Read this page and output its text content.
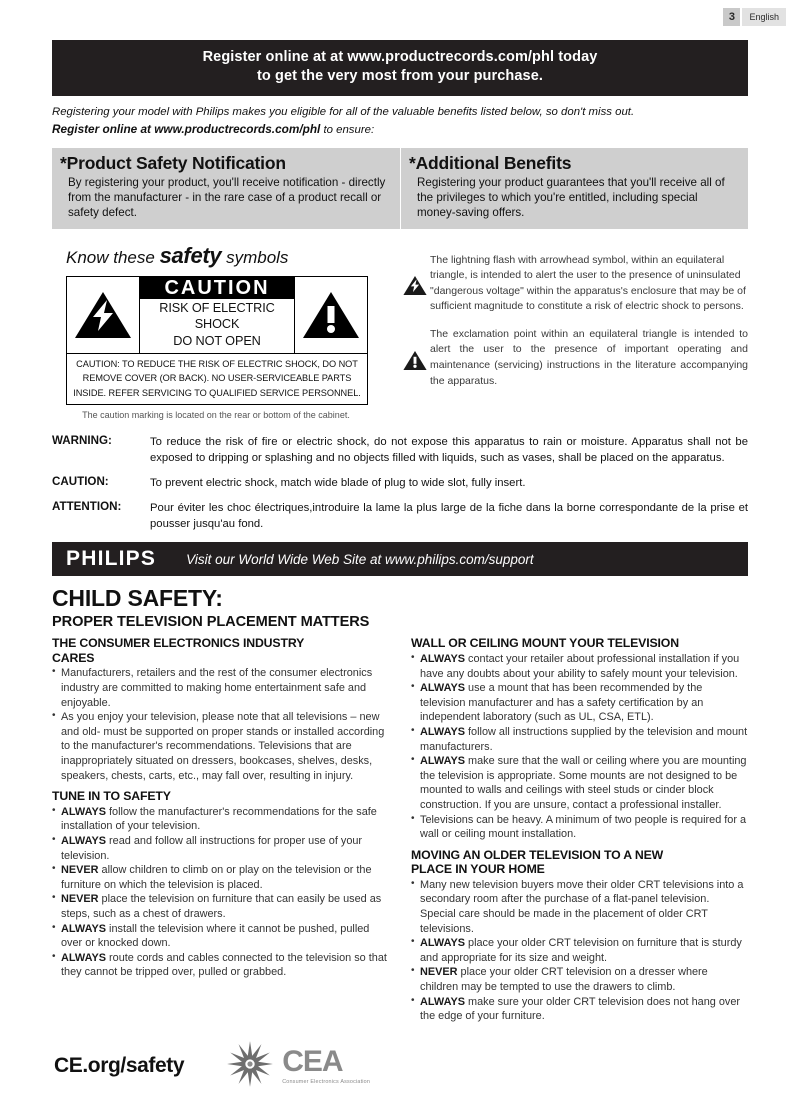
3	English
Register online at at www.productrecords.com/phl today
to get the very most from your purchase.
Registering your model with Philips makes you eligible for all of the valuable benefits listed below, so don't miss out.
Register online at www.productrecords.com/phl to ensure:
*Product Safety Notification

By registering your product, you'll receive notification - directly from the manufacturer - in the rare case of a product recall or safety defect.

*Additional Benefits

Registering your product guarantees that you'll receive all of the privileges to which you're entitled, including special money-saving offers.

Know these safety symbols
CAUTION
RISK OF ELECTRIC SHOCK
DO NOT OPEN
CAUTION: TO REDUCE THE RISK OF ELECTRIC SHOCK, DO NOT
REMOVE COVER (OR BACK). NO USER-SERVICEABLE PARTS
INSIDE. REFER SERVICING TO QUALIFIED SERVICE PERSONNEL.
The caution marking is located on the rear or bottom of the cabinet.

The lightning flash with arrowhead symbol, within an equilateral triangle, is intended to alert the user to the presence of uninsulated "dangerous voltage" within the apparatus's enclosure that may be of sufficient magnitude to constitute a risk of electric shock to persons.

The exclamation point within an equilateral triangle is intended to alert the user to the presence of important operating and maintenance (servicing) instructions in the literature accompanying the apparatus.

WARNING:	To reduce the risk of fire or electric shock, do not expose this apparatus to rain or moisture. Apparatus shall not be exposed to dripping or splashing and no objects filled with liquids, such as vases, shall be placed on the apparatus.
CAUTION:	To prevent electric shock, match wide blade of plug to wide slot, fully insert.
ATTENTION:	Pour éviter les choc électriques,introduire la lame la plus large de la fiche dans la borne correspondante de la prise et pousser jusqu'au fond.
PHILIPS Visit our World Wide Web Site at www.philips.com/support
CHILD SAFETY:
PROPER TELEVISION PLACEMENT MATTERS
THE CONSUMER ELECTRONICS INDUSTRY
CARES
• Manufacturers, retailers and the rest of the consumer electronics industry are committed to making home entertainment safe and enjoyable.
• As you enjoy your television, please note that all televisions – new and old- must be supported on proper stands or installed according to the manufacturer's recommendations. Televisions that are inappropriately situated on dressers, bookcases, shelves, desks, speakers, chests, carts, etc., may fall over, resulting in injury.
TUNE IN TO SAFETY
• ALWAYS follow the manufacturer's recommendations for the safe installation of your television.
• ALWAYS read and follow all instructions for proper use of your television.
• NEVER allow children to climb on or play on the television or the furniture on which the television is placed.
• NEVER place the television on furniture that can easily be used as steps, such as a chest of drawers.
• ALWAYS install the television where it cannot be pushed, pulled over or knocked down.
• ALWAYS route cords and cables connected to the television so that they cannot be tripped over, pulled or grabbed.
WALL OR CEILING MOUNT YOUR TELEVISION
• ALWAYS contact your retailer about professional installation if you have any doubts about your ability to safely mount your television.
• ALWAYS use a mount that has been recommended by the television manufacturer and has a safety certification by an independent laboratory (such as UL, CSA, ETL).
• ALWAYS follow all instructions supplied by the television and mount manufacturers.
• ALWAYS make sure that the wall or ceiling where you are mounting the television is appropriate. Some mounts are not designed to be mounted to walls and ceilings with steel studs or cinder block construction. If you are unsure, contact a professional installer.
• Televisions can be heavy. A minimum of two people is required for a wall or ceiling mount installation.
MOVING AN OLDER TELEVISION TO A NEW
PLACE IN YOUR HOME
• Many new television buyers move their older CRT televisions into a secondary room after the purchase of a flat-panel television. Special care should be made in the placement of older CRT televisions.
• ALWAYS place your older CRT television on furniture that is sturdy and appropriate for its size and weight.
• NEVER place your older CRT television on a dresser where children may be tempted to use the drawers to climb.
• ALWAYS make sure your older CRT television does not hang over the edge of your furniture.
CE.org/safety	CEA
Consumer Electronics Association
